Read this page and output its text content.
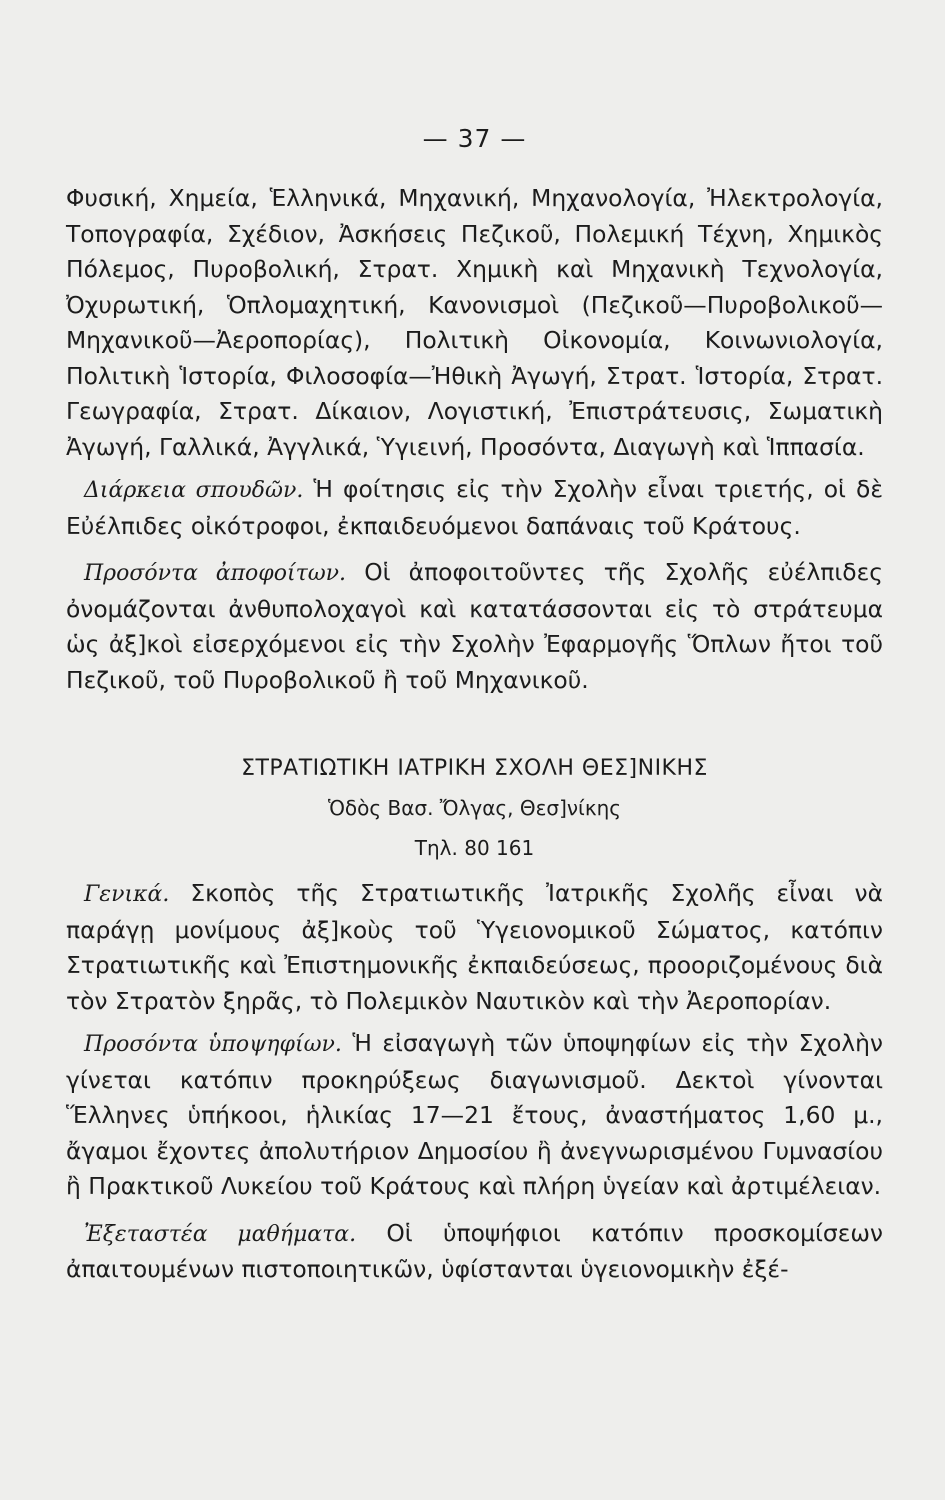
— 37 —

Φυσική, Χημεία, Ἑλληνικά, Μηχανική, Μηχανολογία, Ἠλεκτρολογία, Τοπογραφία, Σχέδιον, Ἀσκήσεις Πεζικοῦ, Πολεμική Τέχνη, Χημικὸς Πόλεμος, Πυροβολική, Στρατ. Χημικὴ καὶ Μηχανικὴ Τεχνολογία, Ὀχυρωτική, Ὁπλομαχητική, Κανονισμοὶ (Πεζικοῦ—Πυροβολικοῦ—Μηχανικοῦ—Ἀεροπορίας), Πολιτικὴ Οἰκονομία, Κοινωνιολογία, Πολιτικὴ Ἱστορία, Φιλοσοφία—Ἠθικὴ Ἀγωγή, Στρατ. Ἱστορία, Στρατ. Γεωγραφία, Στρατ. Δίκαιον, Λογιστική, Ἐπιστράτευσις, Σωματικὴ Ἀγωγή, Γαλλικά, Ἀγγλικά, Ὑγιεινή, Προσόντα, Διαγωγὴ καὶ Ἱππασία.

Διάρκεια σπουδῶν. Ἡ φοίτησις εἰς τὴν Σχολὴν εἶναι τριετής, οἱ δὲ Εὐέλπιδες οἰκότροφοι, ἐκπαιδευόμενοι δαπάναις τοῦ Κράτους.

Προσόντα ἀποφοίτων. Οἱ ἀποφοιτοῦντες τῆς Σχολῆς εὐέλπιδες ὀνομάζονται ἀνθυπολοχαγοὶ καὶ κατατάσσονται εἰς τὸ στράτευμα ὡς ἀξ]κοὶ εἰσερχόμενοι εἰς τὴν Σχολὴν Ἐφαρμογῆς Ὅπλων ἤτοι τοῦ Πεζικοῦ, τοῦ Πυροβολικοῦ ἢ τοῦ Μηχανικοῦ.

ΣΤΡΑΤΙΩΤΙΚΗ ΙΑΤΡΙΚΗ ΣΧΟΛΗ ΘΕΣ]ΝΙΚΗΣ
Ὁδὸς Βασ. Ὄλγας, Θεσ]νίκης
Τηλ. 80 161

Γενικά. Σκοπὸς τῆς Στρατιωτικῆς Ἰατρικῆς Σχολῆς εἶναι νὰ παράγῃ μονίμους ἀξ]κοὺς τοῦ Ὑγειονομικοῦ Σώματος, κατόπιν Στρατιωτικῆς καὶ Ἐπιστημονικῆς ἐκπαιδεύσεως, προοριζομένους διὰ τὸν Στρατὸν ξηρᾶς, τὸ Πολεμικὸν Ναυτικὸν καὶ τὴν Ἀεροπορίαν.

Προσόντα ὑποψηφίων. Ἡ εἰσαγωγὴ τῶν ὑποψηφίων εἰς τὴν Σχολὴν γίνεται κατόπιν προκηρύξεως διαγωνισμοῦ. Δεκτοὶ γίνονται Ἕλληνες ὑπήκοοι, ἡλικίας 17—21 ἔτους, ἀναστήματος 1,60 μ., ἄγαμοι ἔχοντες ἀπολυτήριον Δημοσίου ἢ ἀνεγνωρισμένου Γυμνασίου ἢ Πρακτικοῦ Λυκείου τοῦ Κράτους καὶ πλήρη ὑγείαν καὶ ἀρτιμέλειαν.

Ἐξεταστέα μαθήματα. Οἱ ὑποψήφιοι κατόπιν προσκομίσεων ἀπαιτουμένων πιστοποιητικῶν, ὑφίστανται ὑγειονομικὴν ἐξέ-
